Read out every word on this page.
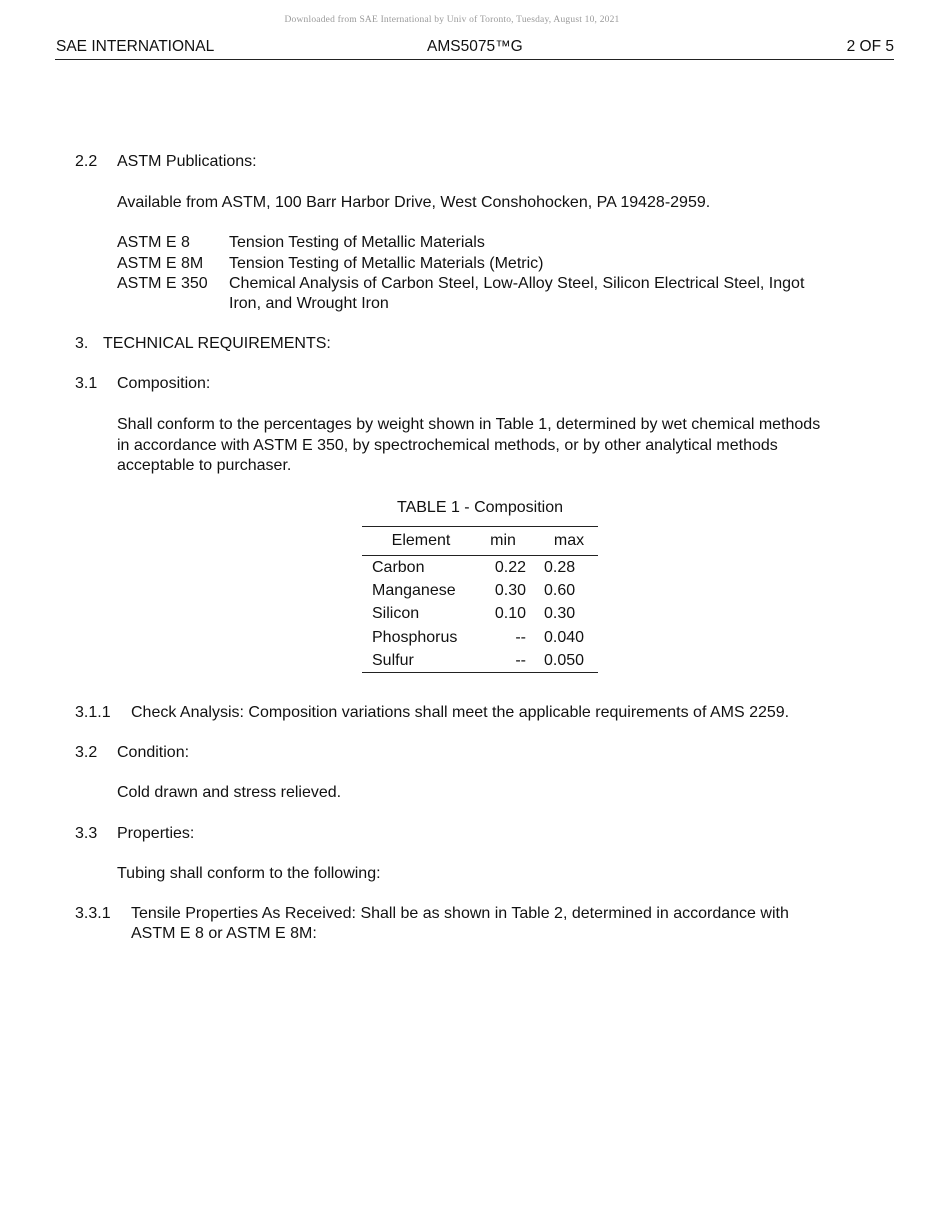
Downloaded from SAE International by Univ of Toronto, Tuesday, August 10, 2021
SAE INTERNATIONAL	AMS5075™G	2 OF 5
2.2 ASTM Publications:
Available from ASTM, 100 Barr Harbor Drive, West Conshohocken, PA 19428-2959.
ASTM E 8 Tension Testing of Metallic Materials
ASTM E 8M Tension Testing of Metallic Materials (Metric)
ASTM E 350 Chemical Analysis of Carbon Steel, Low-Alloy Steel, Silicon Electrical Steel, Ingot
Iron, and Wrought Iron
3. TECHNICAL REQUIREMENTS:
3.1 Composition:
Shall conform to the percentages by weight shown in Table 1, determined by wet chemical methods
in accordance with ASTM E 350, by spectrochemical methods, or by other analytical methods
acceptable to purchaser.
TABLE 1 - Composition
Element	min	max
Carbon	0.22	0.28
Manganese	0.30	0.60
Silicon	0.10	0.30
Phosphorus	--	0.040
Sulfur	--	0.050
3.1.1 Check Analysis: Composition variations shall meet the applicable requirements of AMS 2259.
3.2 Condition:
Cold drawn and stress relieved.
3.3 Properties:
Tubing shall conform to the following:
3.3.1 Tensile Properties As Received: Shall be as shown in Table 2, determined in accordance with
ASTM E 8 or ASTM E 8M:
